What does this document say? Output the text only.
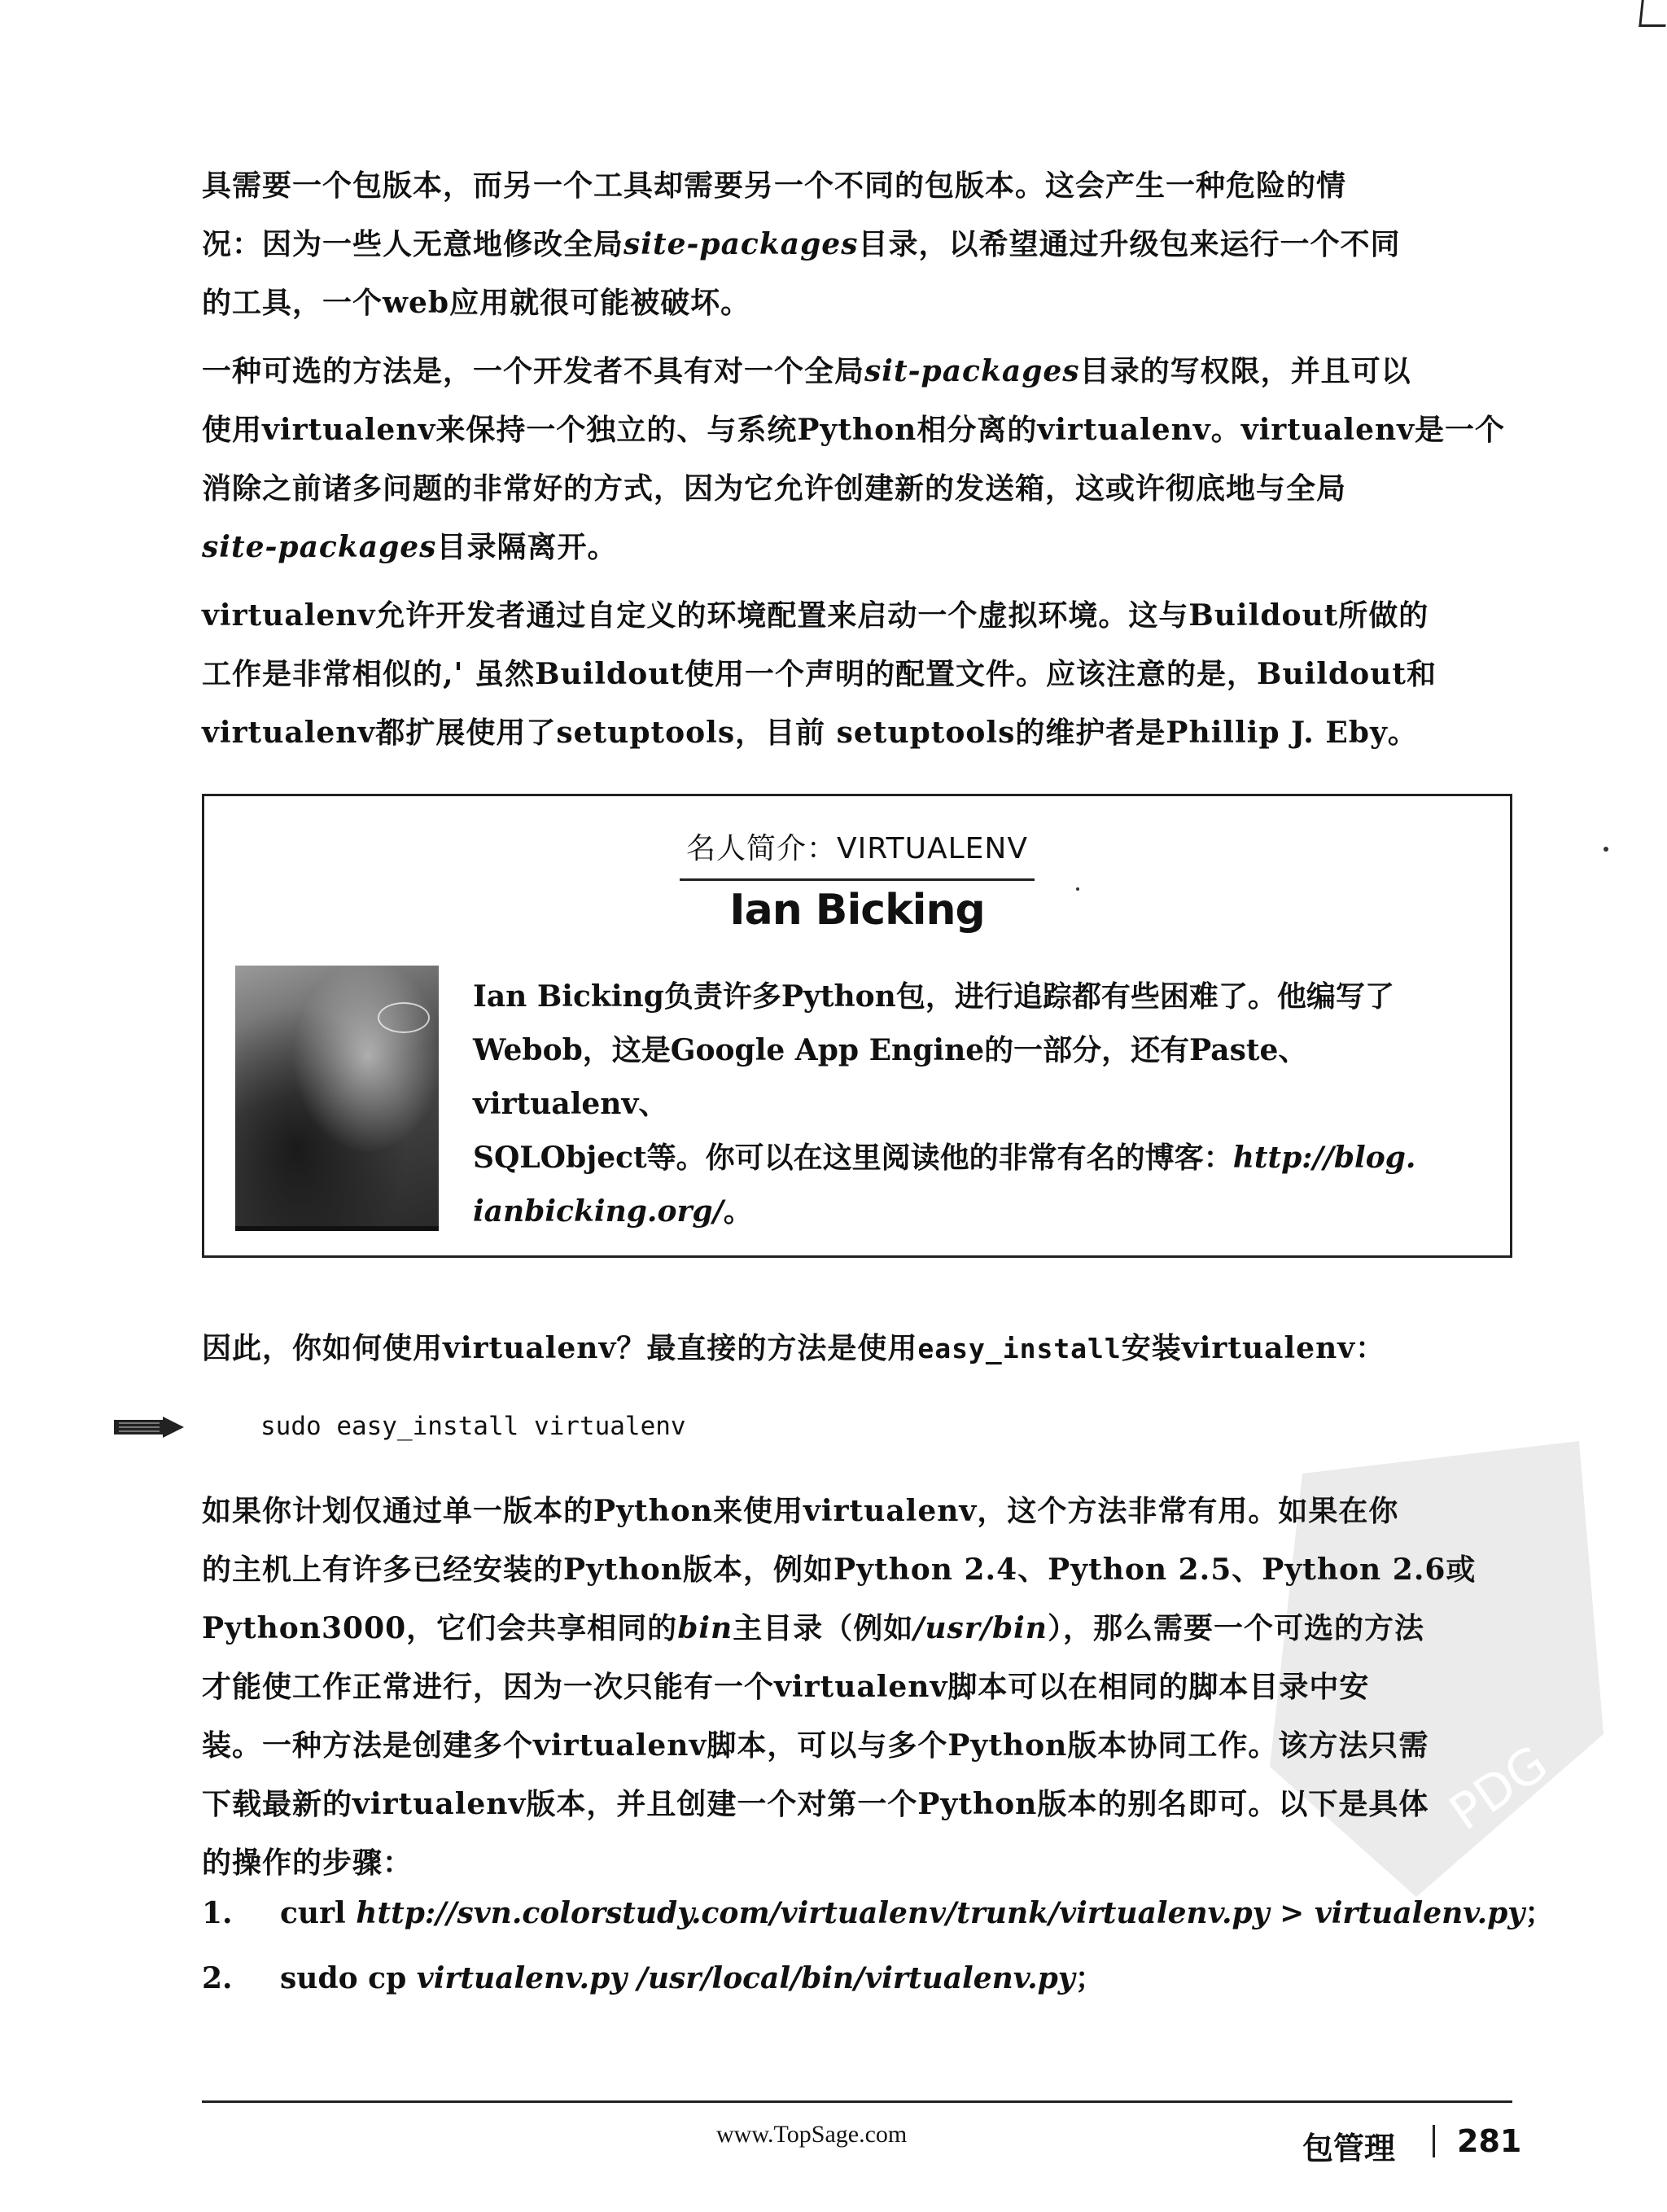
PDG
具需要一个包版本，而另一个工具却需要另一个不同的包版本。这会产生一种危险的情
况：因为一些人无意地修改全局site-packages目录，以希望通过升级包来运行一个不同
的工具，一个web应用就很可能被破坏。
一种可选的方法是，一个开发者不具有对一个全局sit-packages目录的写权限，并且可以
使用virtualenv来保持一个独立的、与系统Python相分离的virtualenv。virtualenv是一个
消除之前诸多问题的非常好的方式，因为它允许创建新的发送箱，这或许彻底地与全局
site-packages目录隔离开。
virtualenv允许开发者通过自定义的环境配置来启动一个虚拟环境。这与Buildout所做的
工作是非常相似的,' 虽然Buildout使用一个声明的配置文件。应该注意的是，Buildout和
virtualenv都扩展使用了setuptools，目前 setuptools的维护者是Phillip J. Eby。
名人简介：VIRTUALENV
Ian Bicking
Ian Bicking负责许多Python包，进行追踪都有些困难了。他编写了
Webob，这是Google App Engine的一部分，还有Paste、virtualenv、
SQLObject等。你可以在这里阅读他的非常有名的博客：http://blog.
ianbicking.org/。
因此，你如何使用virtualenv？最直接的方法是使用easy_install安装virtualenv：
sudo easy_install virtualenv
如果你计划仅通过单一版本的Python来使用virtualenv，这个方法非常有用。如果在你
的主机上有许多已经安装的Python版本，例如Python 2.4、Python 2.5、Python 2.6或
Python3000，它们会共享相同的bin主目录（例如/usr/bin），那么需要一个可选的方法
才能使工作正常进行，因为一次只能有一个virtualenv脚本可以在相同的脚本目录中安
装。一种方法是创建多个virtualenv脚本，可以与多个Python版本协同工作。该方法只需
下载最新的virtualenv版本，并且创建一个对第一个Python版本的别名即可。以下是具体
的操作的步骤：
1. curl http://svn.colorstudy.com/virtualenv/trunk/virtualenv.py > virtualenv.py；
2. sudo cp virtualenv.py /usr/local/bin/virtualenv.py；
www.TopSage.com	包管理 281
